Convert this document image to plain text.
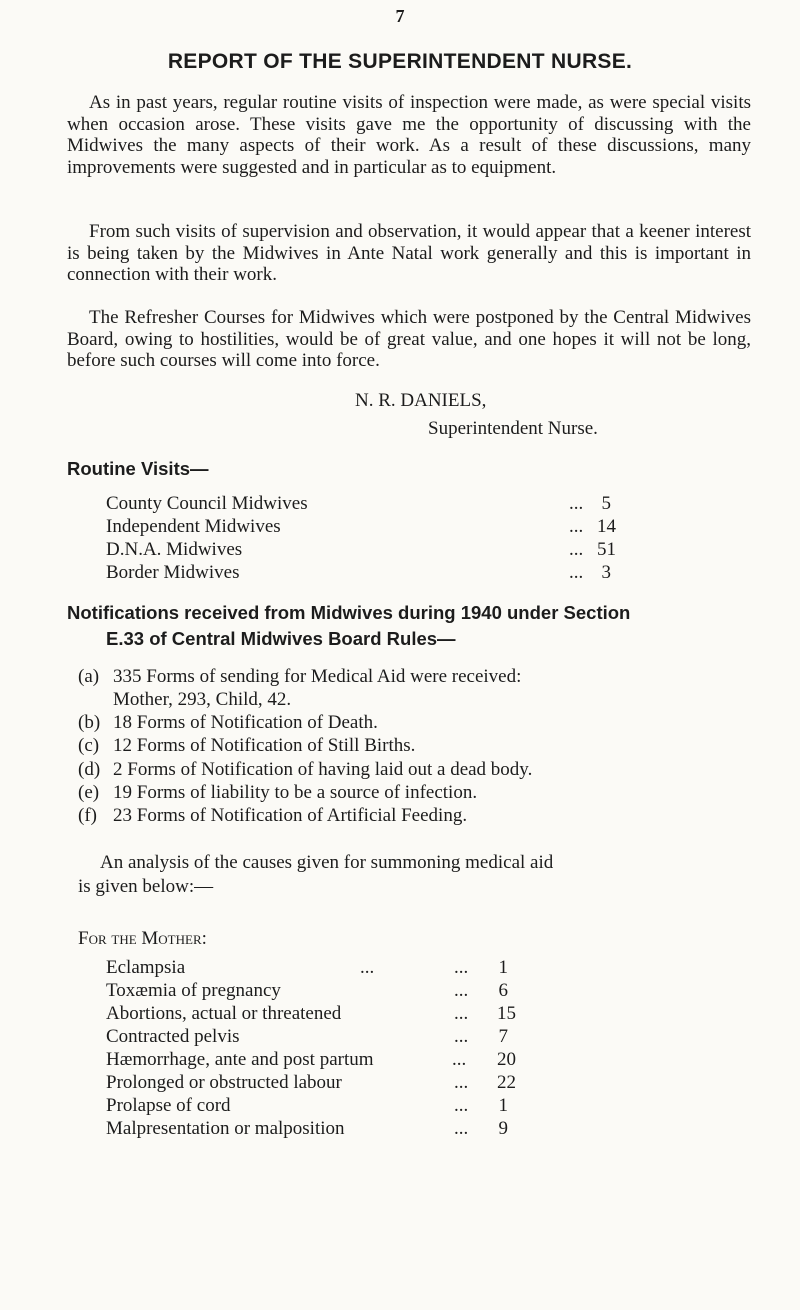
7
REPORT OF THE SUPERINTENDENT NURSE.

As in past years, regular routine visits of inspection were made, as were special visits when occasion arose. These visits gave me the opportunity of discussing with the Midwives the many aspects of their work. As a result of these discussions, many improvements were suggested and in particular as to equipment.

From such visits of supervision and observation, it would appear that a keener interest is being taken by the Midwives in Ante Natal work generally and this is important in connection with their work.

The Refresher Courses for Midwives which were postponed by the Central Midwives Board, owing to hostilities, would be of great value, and one hopes it will not be long, before such courses will come into force.

N. R. DANIELS,
Superintendent Nurse.
Routine Visits—
County Council Midwives	... 5
Independent Midwives	... 14
D.N.A. Midwives	... 51
Border Midwives	... 3
Notifications received from Midwives during 1940 under Section
E.33 of Central Midwives Board Rules—
(a) 335 Forms of sending for Medical Aid were received:
Mother, 293, Child, 42.
(b) 18 Forms of Notification of Death.
(c) 12 Forms of Notification of Still Births.
(d) 2 Forms of Notification of having laid out a dead body.
(e) 19 Forms of liability to be a source of infection.
(f) 23 Forms of Notification of Artificial Feeding.
An analysis of the causes given for summoning medical aid
is given below:—
For the Mother:
Eclampsia	...	...	1
Toxæmia of pregnancy	...	6
Abortions, actual or threatened	...	15
Contracted pelvis	...	7
Hæmorrhage, ante and post partum	...	20
Prolonged or obstructed labour	...	22
Prolapse of cord	...	1
Malpresentation or malposition	...	9
